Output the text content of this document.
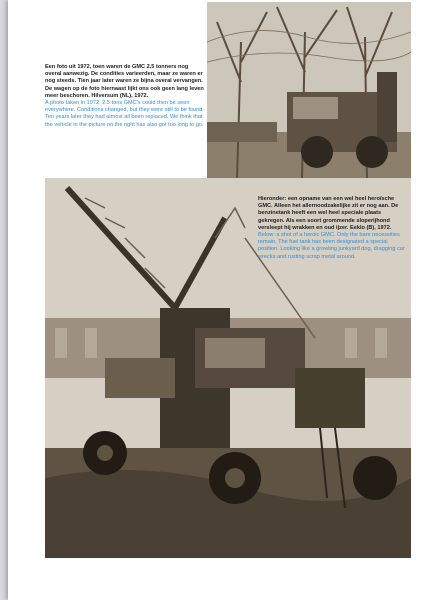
Een foto uit 1972, toen waren de GMC 2,5 tonners nog overal aanwezig. De condities varieerden, maar ze waren er nog steeds. Tien jaar later waren ze bijna overal vervangen. De wagen op de foto hiernaast lijkt ons ook geen lang leven meer beschoren. Hilversum (NL), 1972.
A photo taken in 1972, 2.5 tons GMC's could then be seen everywhere. Conditions changed, but they were still to be found. Ten years later they had almost all been replaced. We think that the vehicle in the picture on the right has also got too long to go.
Hieronder: een opname van een wel heel heroïsche GMC. Alleen het allernoodzakelijke zit er nog aan. De benzinetank heeft een wel heel speciale plaats gekregen. Als een soort grommende sloperijhond versleept hij wrakken en oud ijzer. Eeklo (B), 1972.
Below: a shot of a heroic GMC. Only the bare necessities remain. The fuel tank has been designated a special position. Looking like a growling junkyard dog, dragging car wrecks and rusting scrap metal around.
